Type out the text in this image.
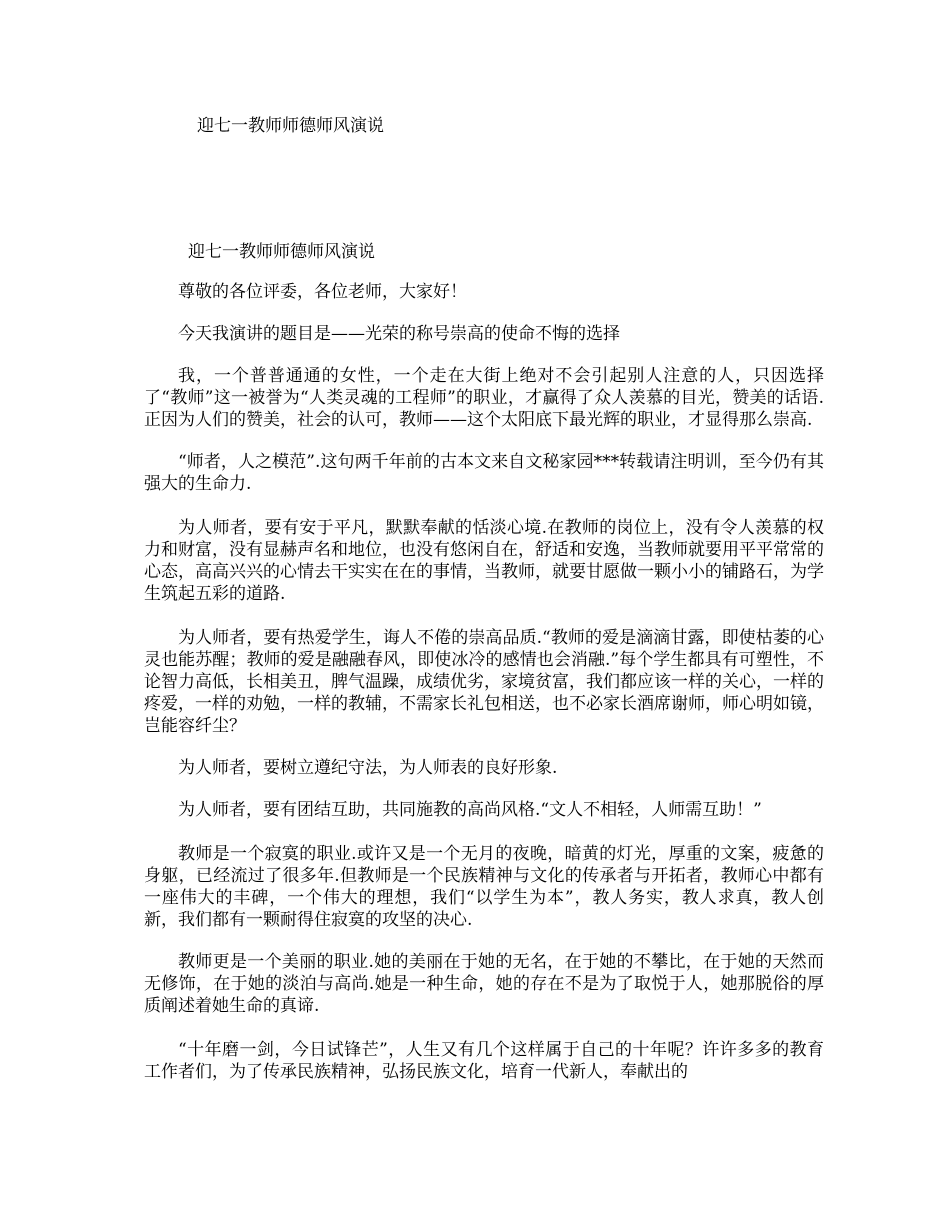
迎七一教师师德师风演说

迎七一教师师德师风演说

尊敬的各位评委，各位老师，大家好！

今天我演讲的题目是——光荣的称号崇高的使命不悔的选择

我，一个普普通通的女性，一个走在大街上绝对不会引起别人注意的人，只因选择了“教师”这一被誉为“人类灵魂的工程师”的职业，才赢得了众人羡慕的目光，赞美的话语.正因为人们的赞美，社会的认可，教师——这个太阳底下最光辉的职业，才显得那么崇高.

“师者，人之模范”.这句两千年前的古本文来自文秘家园***转载请注明训，至今仍有其强大的生命力.

为人师者，要有安于平凡，默默奉献的恬淡心境.在教师的岗位上，没有令人羡慕的权力和财富，没有显赫声名和地位，也没有悠闲自在，舒适和安逸，当教师就要用平平常常的心态，高高兴兴的心情去干实实在在的事情，当教师，就要甘愿做一颗小小的铺路石，为学生筑起五彩的道路.

为人师者，要有热爱学生，诲人不倦的崇高品质.“教师的爱是滴滴甘露，即使枯萎的心灵也能苏醒；教师的爱是融融春风，即使冰冷的感情也会消融.”每个学生都具有可塑性，不论智力高低，长相美丑，脾气温躁，成绩优劣，家境贫富，我们都应该一样的关心，一样的疼爱，一样的劝勉，一样的教辅，不需家长礼包相送，也不必家长酒席谢师，师心明如镜，岂能容纤尘？

为人师者，要树立遵纪守法，为人师表的良好形象.

为人师者，要有团结互助，共同施教的高尚风格.“文人不相轻，人师需互助！”

教师是一个寂寞的职业.或许又是一个无月的夜晚，暗黄的灯光，厚重的文案，疲惫的身躯，已经流过了很多年.但教师是一个民族精神与文化的传承者与开拓者，教师心中都有一座伟大的丰碑，一个伟大的理想，我们“以学生为本”，教人务实，教人求真，教人创新，我们都有一颗耐得住寂寞的攻坚的决心.

教师更是一个美丽的职业.她的美丽在于她的无名，在于她的不攀比，在于她的天然而无修饰，在于她的淡泊与高尚.她是一种生命，她的存在不是为了取悦于人，她那脱俗的厚质阐述着她生命的真谛.

“十年磨一剑，今日试锋芒”，人生又有几个这样属于自己的十年呢？许许多多的教育工作者们，为了传承民族精神，弘扬民族文化，培育一代新人，奉献出的
